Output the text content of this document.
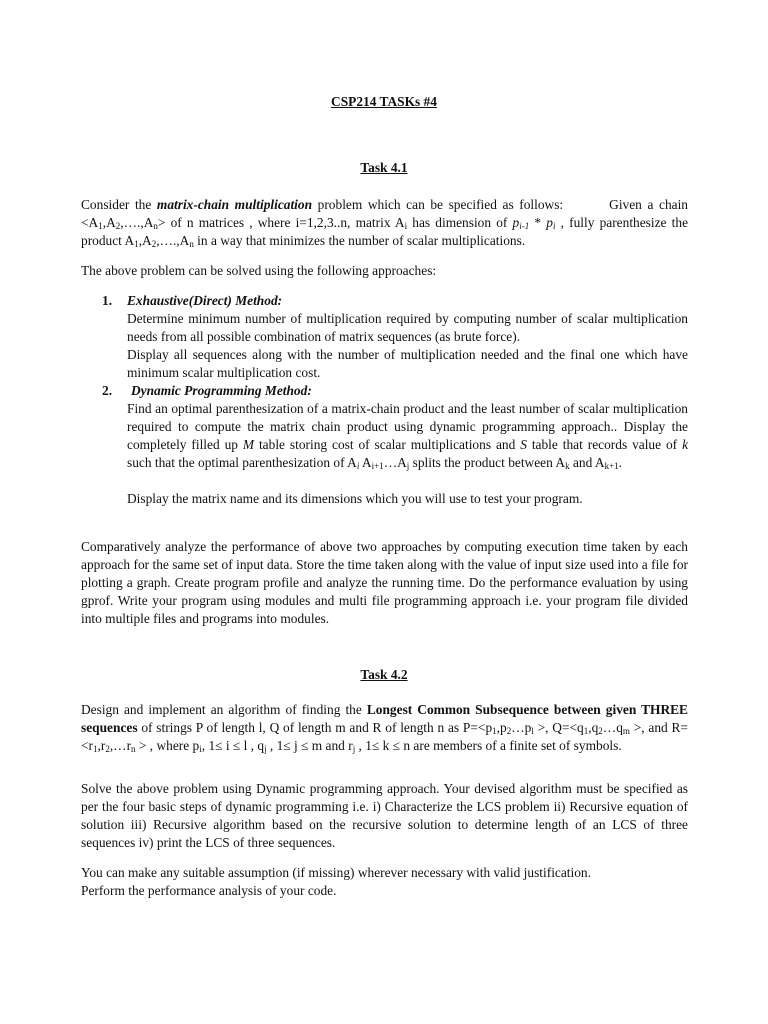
CSP214 TASKs #4

Task 4.1

Consider the matrix-chain multiplication problem which can be specified as follows:	Given a chain $<A_1,A_2,\dots.,A_n>$ of n matrices , where i=1,2,3..n, matrix $A_i$ has dimension of $p_{i-1} * p_i$ , fully parenthesize the product $A_1,A_2,\dots.,A_n$ in a way that minimizes the number of scalar multiplications.

The above problem can be solved using the following approaches:

1. Exhaustive(Direct) Method:
Determine minimum number of multiplication required by computing number of scalar multiplication needs from all possible combination of matrix sequences (as brute force).
Display all sequences along with the number of multiplication needed and the final one which have minimum scalar multiplication cost.
2. Dynamic Programming Method:
Find an optimal parenthesization of a matrix-chain product and the least number of scalar multiplication required to compute the matrix chain product using dynamic programming approach.. Display the completely filled up M table storing cost of scalar multiplications and S table that records value of k such that the optimal parenthesization of $A_i$ $A_{i+1}\dots A_j$ splits the product between $A_k$ and $A_{k+1}$.
Display the matrix name and its dimensions which you will use to test your program.

Comparatively analyze the performance of above two approaches by computing execution time taken by each approach for the same set of input data. Store the time taken along with the value of input size used into a file for plotting a graph. Create program profile and analyze the running time. Do the performance evaluation by using gprof. Write your program using modules and multi file programming approach i.e. your program file divided into multiple files and programs into modules.

Task 4.2

Design and implement an algorithm of finding the Longest Common Subsequence between given THREE sequences of strings P of length l, Q of length m and R of length n as $P=<p_1,p_2\dots p_l$ >, $Q=<q_1,q_2\dots q_m$ >, and $R= <r_1,r_2,\dots r_n$ > , where $p_i$, 1≤ i ≤ l , $q_j$ , 1≤ j ≤ m and $r_j$ , 1≤ k ≤ n are members of a finite set of symbols.

Solve the above problem using Dynamic programming approach. Your devised algorithm must be specified as per the four basic steps of dynamic programming i.e. i) Characterize the LCS problem ii) Recursive equation of solution iii) Recursive algorithm based on the recursive solution to determine length of an LCS of three sequences iv) print the LCS of three sequences.

You can make any suitable assumption (if missing) wherever necessary with valid justification.

Perform the performance analysis of your code.
